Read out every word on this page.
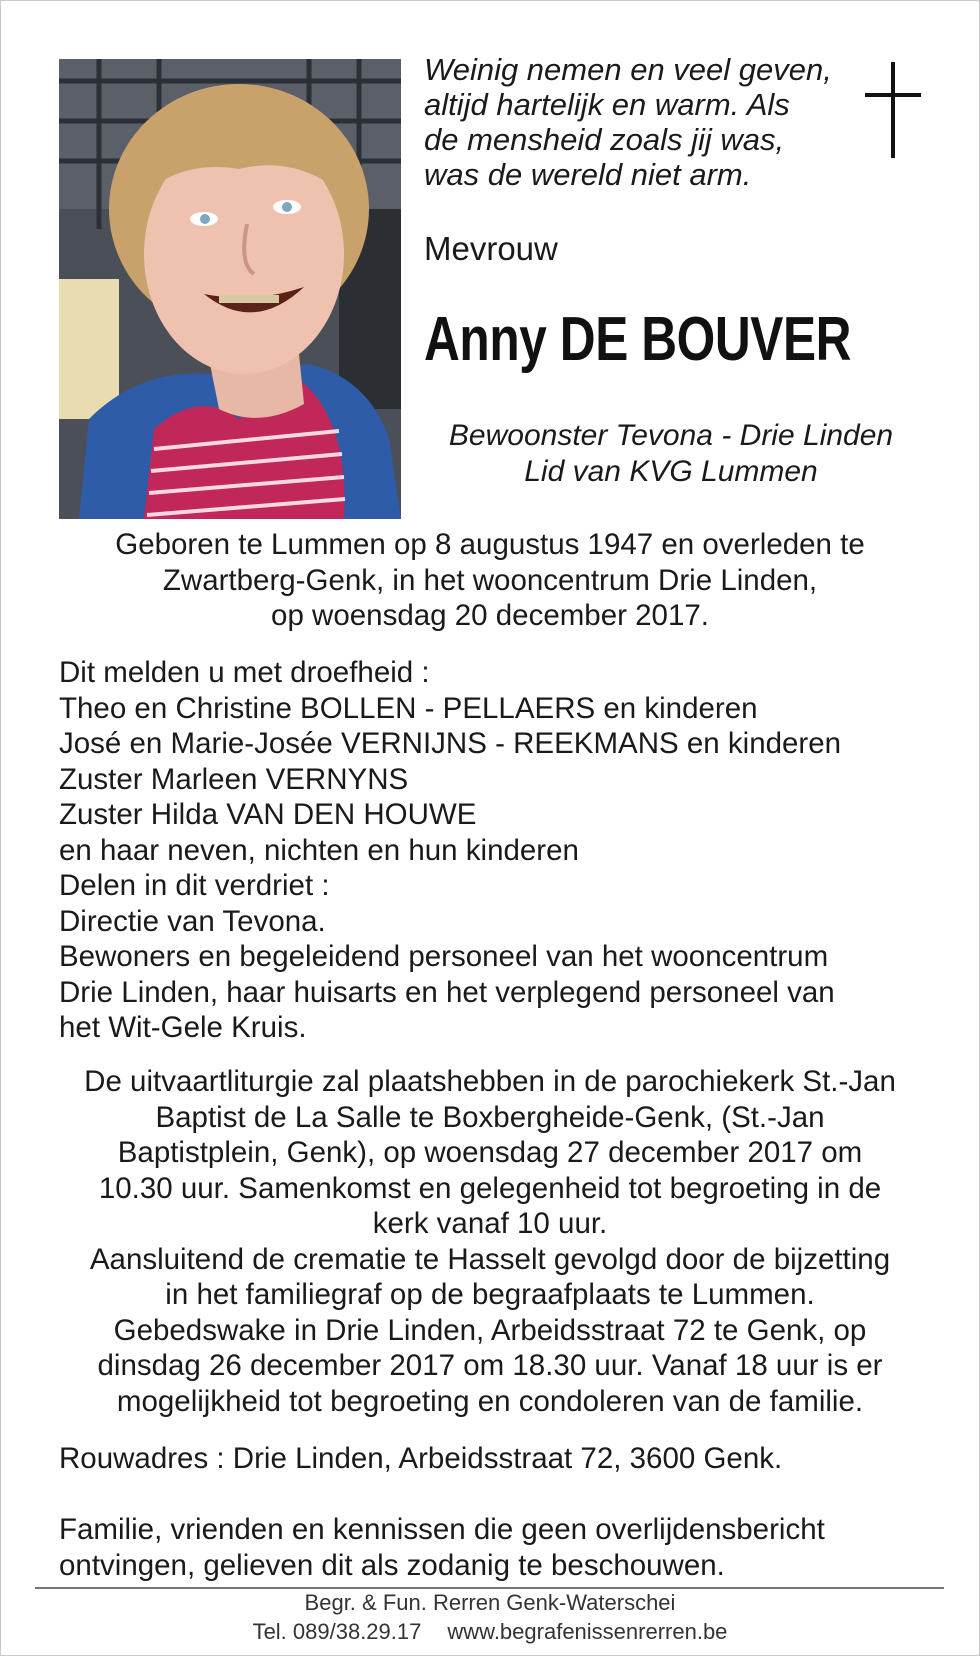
Weinig nemen en veel geven,
altijd hartelijk en warm. Als
de mensheid zoals jij was,
was de wereld niet arm.
Mevrouw
Anny DE BOUVER
Bewoonster Tevona - Drie Linden
Lid van KVG Lummen
Geboren te Lummen op 8 augustus 1947 en overleden te
Zwartberg-Genk, in het wooncentrum Drie Linden,
op woensdag 20 december 2017.
Dit melden u met droefheid :
Theo en Christine BOLLEN - PELLAERS en kinderen
José en Marie-Josée VERNIJNS - REEKMANS en kinderen
Zuster Marleen VERNYNS
Zuster Hilda VAN DEN HOUWE
en haar neven, nichten en hun kinderen
Delen in dit verdriet :
Directie van Tevona.
Bewoners en begeleidend personeel van het wooncentrum
Drie Linden, haar huisarts en het verplegend personeel van
het Wit-Gele Kruis.
De uitvaartliturgie zal plaatshebben in de parochiekerk St.-Jan
Baptist de La Salle te Boxbergheide-Genk, (St.-Jan
Baptistplein, Genk), op woensdag 27 december 2017 om
10.30 uur. Samenkomst en gelegenheid tot begroeting in de
kerk vanaf 10 uur.
Aansluitend de crematie te Hasselt gevolgd door de bijzetting
in het familiegraf op de begraafplaats te Lummen.
Gebedswake in Drie Linden, Arbeidsstraat 72 te Genk, op
dinsdag 26 december 2017 om 18.30 uur. Vanaf 18 uur is er
mogelijkheid tot begroeting en condoleren van de familie.
Rouwadres : Drie Linden, Arbeidsstraat 72, 3600 Genk.
Familie, vrienden en kennissen die geen overlijdensbericht
ontvingen, gelieven dit als zodanig te beschouwen.
Begr. & Fun. Rerren Genk-Waterschei
Tel. 089/38.29.17 www.begrafenissenrerren.be
